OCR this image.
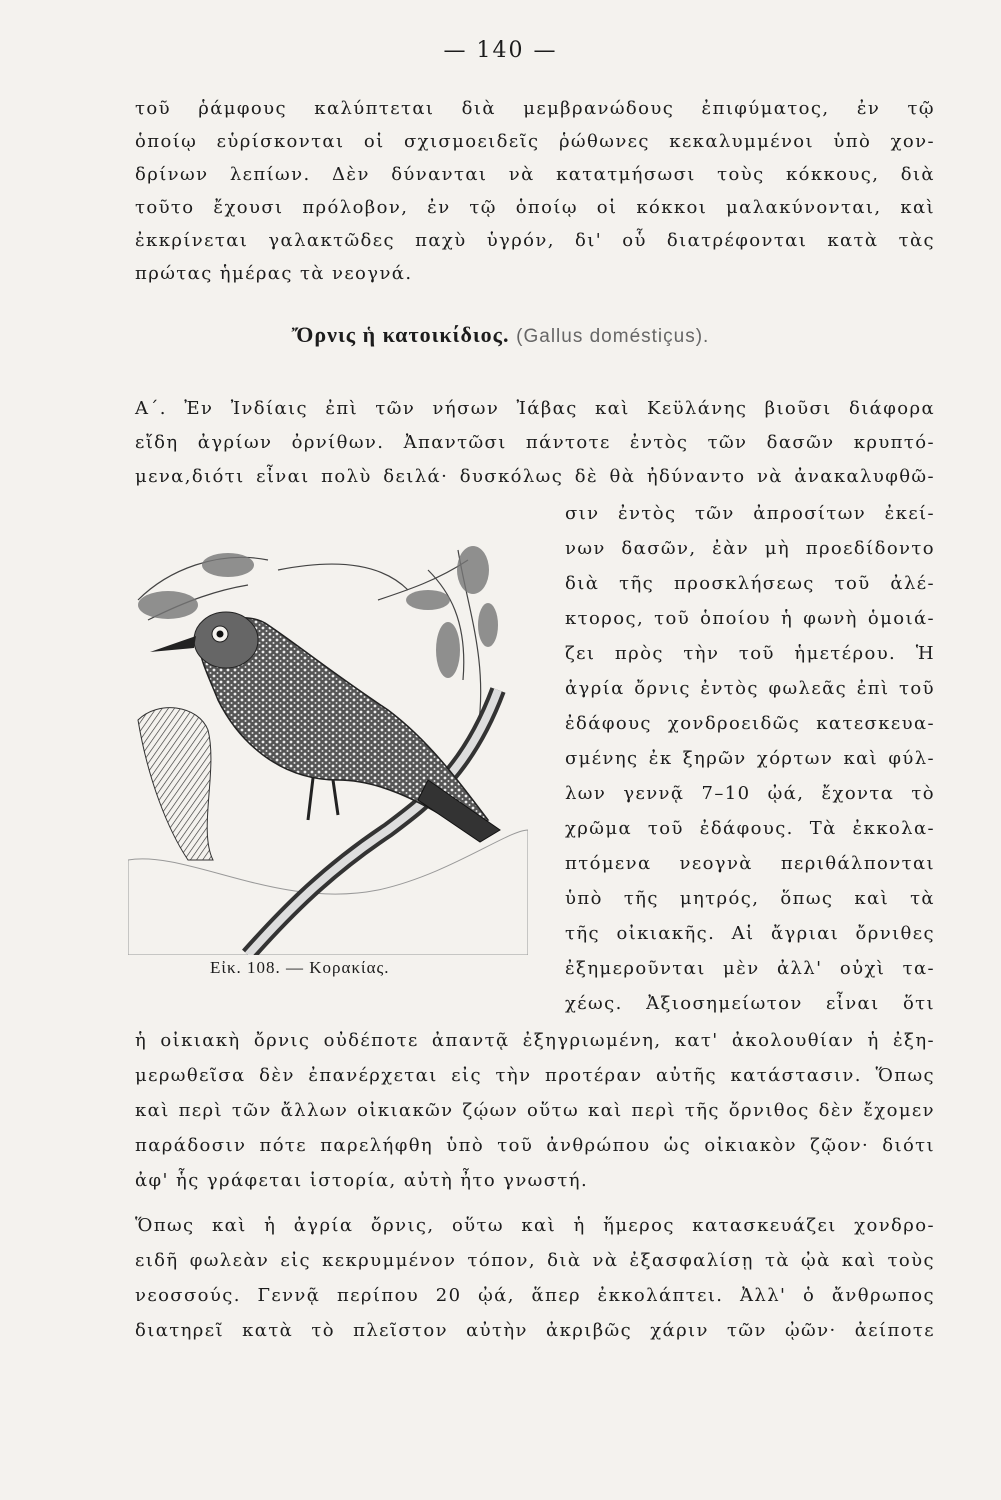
— 140 —
τοῦ ῥάμφους καλύπτεται διὰ μεμβρανώδους ἐπιφύματος, ἐν τῷ
ὁποίῳ εὑρίσκονται οἱ σχισμοειδεῖς ῥώθωνες κεκαλυμμένοι ὑπὸ χον-
δρίνων λεπίων. Δὲν δύνανται νὰ κατατμήσωσι τοὺς κόκκους, διὰ
τοῦτο ἔχουσι πρόλοβον, ἐν τῷ ὁποίῳ οἱ κόκκοι μαλακύνονται, καὶ
ἐκκρίνεται γαλακτῶδες παχὺ ὑγρόν, δι' οὗ διατρέφονται κατὰ τὰς
πρώτας ἡμέρας τὰ νεογνά.
Ὄρνις ἡ κατοικίδιος. (Gallus doméstiçus).
Α΄. Ἐν Ἰνδίαις ἐπὶ τῶν νήσων Ἰάβας καὶ Κεϋλάνης βιοῦσι διάφορα
εἴδη ἀγρίων ὀρνίθων. Ἀπαντῶσι πάντοτε ἐντὸς τῶν δασῶν κρυπτό-
μενα,διότι εἶναι πολὺ δειλά· δυσκόλως δὲ θὰ ἠδύναντο νὰ ἀνακαλυφθῶ-
σιν ἐντὸς τῶν ἀπροσίτων ἐκεί-
νων δασῶν, ἐὰν μὴ προεδίδοντο
διὰ τῆς προσκλήσεως τοῦ ἀλέ-
κτορος, τοῦ ὁποίου ἡ φωνὴ ὁμοιά-
ζει πρὸς τὴν τοῦ ἡμετέρου. Ἡ
ἀγρία ὄρνις ἐντὸς φωλεᾶς ἐπὶ τοῦ
ἐδάφους χονδροειδῶς κατεσκευα-
σμένης ἐκ ξηρῶν χόρτων καὶ φύλ-
λων γεννᾷ 7–10 ᾠά, ἔχοντα τὸ
χρῶμα τοῦ ἐδάφους. Τὰ ἐκκολα-
πτόμενα νεογνὰ περιθάλπονται
ὑπὸ τῆς μητρός, ὅπως καὶ τὰ
τῆς οἰκιακῆς. Αἱ ἄγριαι ὄρνιθες
ἐξημεροῦνται μὲν ἀλλ' οὐχὶ τα-
χέως. Ἀξιοσημείωτον εἶναι ὅτι
Εἰκ. 108. — Κορακίας.
ἡ οἰκιακὴ ὄρνις οὐδέποτε ἀπαντᾷ ἐξηγριωμένη, κατ' ἀκολουθίαν ἡ ἐξη-
μερωθεῖσα δὲν ἐπανέρχεται εἰς τὴν προτέραν αὐτῆς κατάστασιν. Ὅπως
καὶ περὶ τῶν ἄλλων οἰκιακῶν ζῴων οὕτω καὶ περὶ τῆς ὄρνιθος δὲν ἔχομεν
παράδοσιν πότε παρελήφθη ὑπὸ τοῦ ἀνθρώπου ὡς οἰκιακὸν ζῷον· διότι
ἀφ' ἧς γράφεται ἱστορία, αὐτὴ ἦτο γνωστή.
Ὅπως καὶ ἡ ἀγρία ὄρνις, οὕτω καὶ ἡ ἥμερος κατασκευάζει χονδρο-
ειδῆ φωλεὰν εἰς κεκρυμμένον τόπον, διὰ νὰ ἐξασφαλίσῃ τὰ ᾠὰ καὶ τοὺς
νεοσσούς. Γεννᾷ περίπου 20 ᾠά, ἅπερ ἐκκολάπτει. Ἀλλ' ὁ ἄνθρωπος
διατηρεῖ κατὰ τὸ πλεῖστον αὐτὴν ἀκριβῶς χάριν τῶν ᾠῶν· ἀείποτε
